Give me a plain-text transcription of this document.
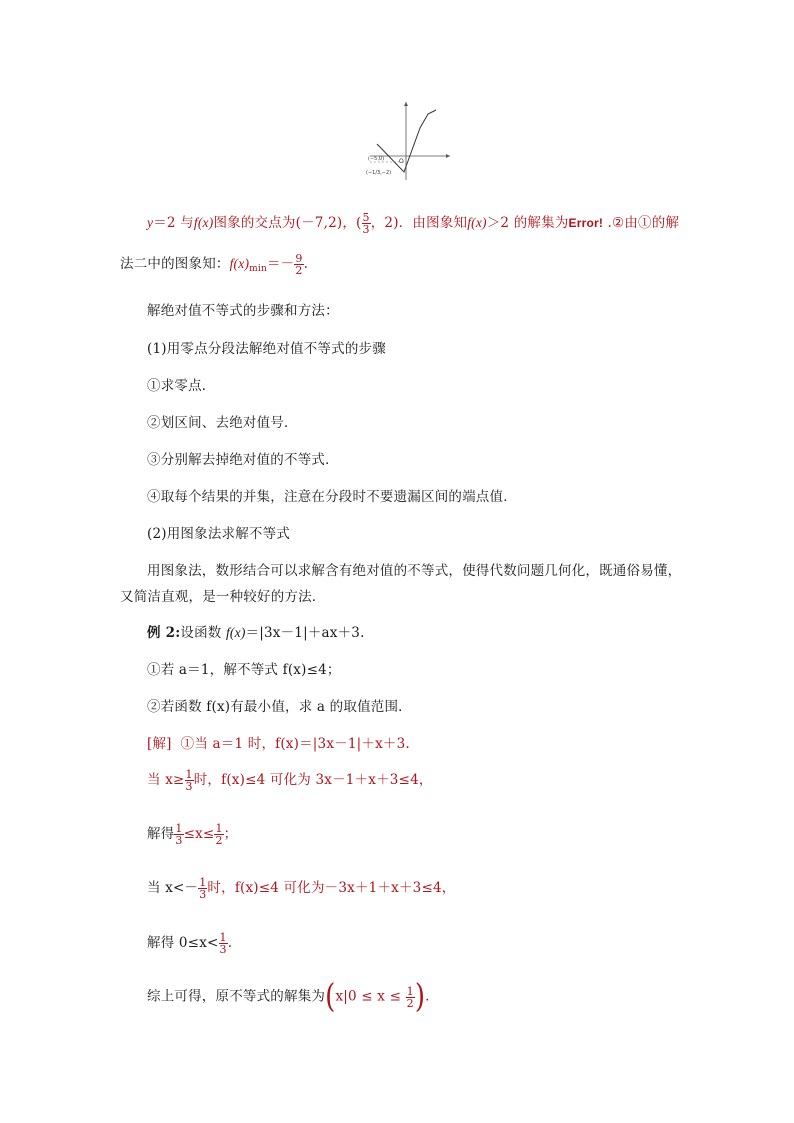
O
(−5,0)
(−1/3,−2)
y＝2 与f(x)图象的交点为(－7,2)，( $\frac{5}{3}$ ，2)．由图象知f(x)＞2 的解集为Error! .②由①的解
法二中的图象知：$f(x)_{min}=- \frac{9}{2}$ .
解绝对值不等式的步骤和方法：
(1)用零点分段法解绝对值不等式的步骤
①求零点．
②划区间、去绝对值号．
③分别解去掉绝对值的不等式．
④取每个结果的并集，注意在分段时不要遗漏区间的端点值．
(2)用图象法求解不等式
用图象法，数形结合可以求解含有绝对值的不等式，使得代数问题几何化，既通俗易懂，
又简洁直观，是一种较好的方法．
例 2:设函数 f(x)＝|3x－1|＋ax＋3.
①若 a＝1，解不等式 f(x)≤4；
②若函数 f(x)有最小值，求 a 的取值范围．
[解] ①当 a＝1 时，f(x)＝|3x－1|＋x＋3.
当 $x\ge \frac{1}{3}$ 时，f(x)≤4 可化为 3x－1＋x＋3≤4，
解得 $\frac{1}{3} \le x\le \frac{1}{2}$ ；
当 $x<- \frac{1}{3}$ 时，f(x)≤4 可化为－3x＋1＋x＋3≤4，
解得 $0\le x< \frac{1}{3}$ .
综上可得，原不等式的解集为($x|0 \le x \le \frac{1}{2}$ ).
